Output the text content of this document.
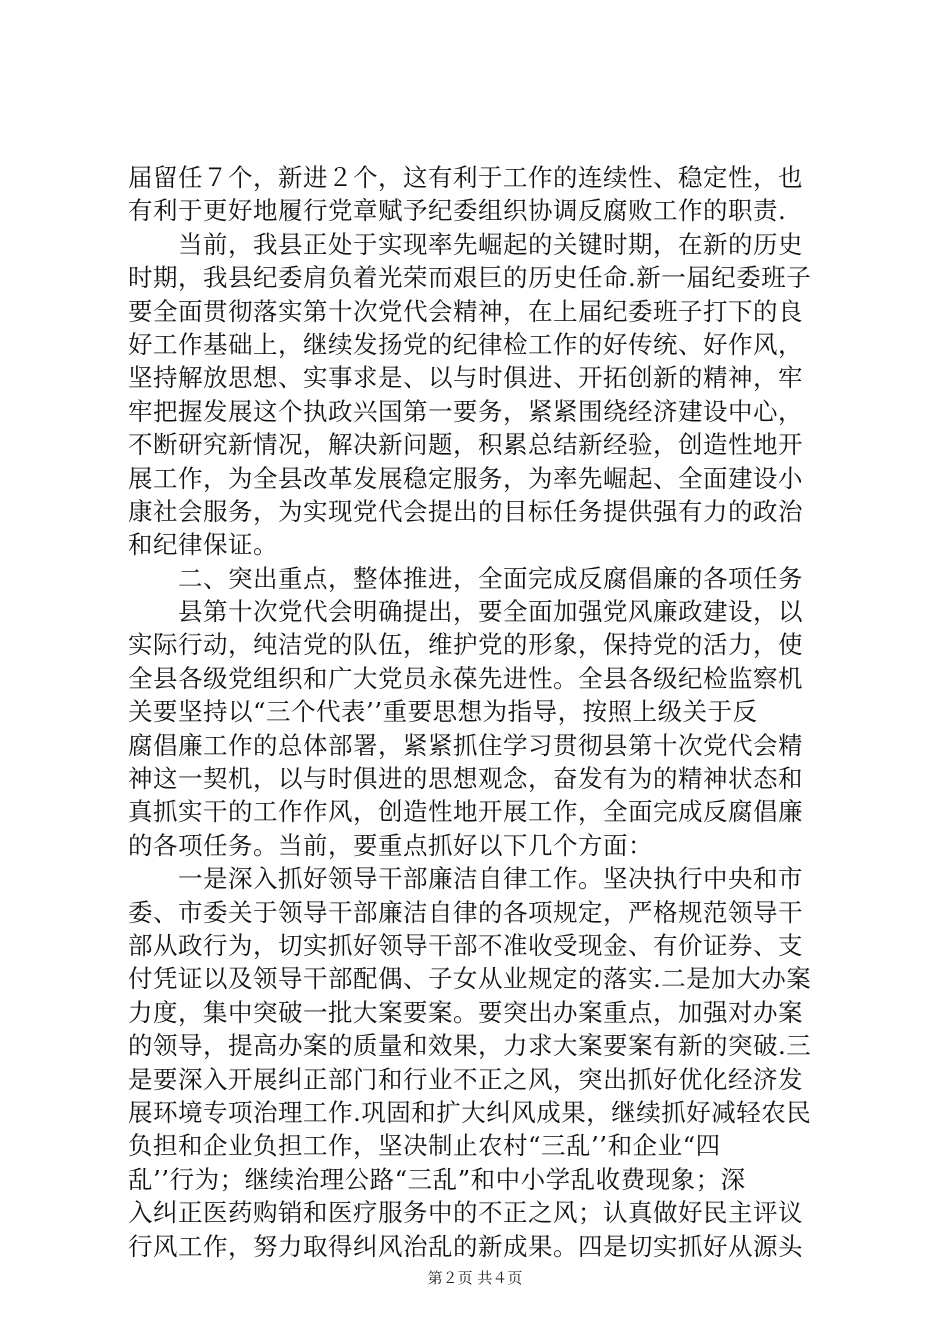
届留任７个，新进２个，这有利于工作的连续性、稳定性，也
有利于更好地履行党章赋予纪委组织协调反腐败工作的职责.
　　当前，我县正处于实现率先崛起的关键时期，在新的历史
时期，我县纪委肩负着光荣而艰巨的历史任命.新一届纪委班子
要全面贯彻落实第十次党代会精神，在上届纪委班子打下的良
好工作基础上，继续发扬党的纪律检工作的好传统、好作风，
坚持解放思想、实事求是、以与时俱进、开拓创新的精神，牢
牢把握发展这个执政兴国第一要务，紧紧围绕经济建设中心，
不断研究新情况，解决新问题，积累总结新经验，创造性地开
展工作，为全县改革发展稳定服务，为率先崛起、全面建设小
康社会服务，为实现党代会提出的目标任务提供强有力的政治
和纪律保证。
　　二、突出重点，整体推进，全面完成反腐倡廉的各项任务
　　县第十次党代会明确提出，要全面加强党风廉政建设，以
实际行动，纯洁党的队伍，维护党的形象，保持党的活力，使
全县各级党组织和广大党员永葆先进性。全县各级纪检监察机
关要坚持以“三个代表’’重要思想为指导，按照上级关于反
腐倡廉工作的总体部署，紧紧抓住学习贯彻县第十次党代会精
神这一契机，以与时俱进的思想观念，奋发有为的精神状态和
真抓实干的工作作风，创造性地开展工作，全面完成反腐倡廉
的各项任务。当前，要重点抓好以下几个方面：
　　一是深入抓好领导干部廉洁自律工作。坚决执行中央和市
委、市委关于领导干部廉洁自律的各项规定，严格规范领导干
部从政行为，切实抓好领导干部不准收受现金、有价证券、支
付凭证以及领导干部配偶、子女从业规定的落实.二是加大办案
力度，集中突破一批大案要案。要突出办案重点，加强对办案
的领导，提高办案的质量和效果，力求大案要案有新的突破.三
是要深入开展纠正部门和行业不正之风，突出抓好优化经济发
展环境专项治理工作.巩固和扩大纠风成果，继续抓好减轻农民
负担和企业负担工作，坚决制止农村“三乱’’和企业“四
乱’’行为；继续治理公路“三乱”和中小学乱收费现象；深
入纠正医药购销和医疗服务中的不正之风；认真做好民主评议
行风工作，努力取得纠风治乱的新成果。四是切实抓好从源头
第２页 共４页
